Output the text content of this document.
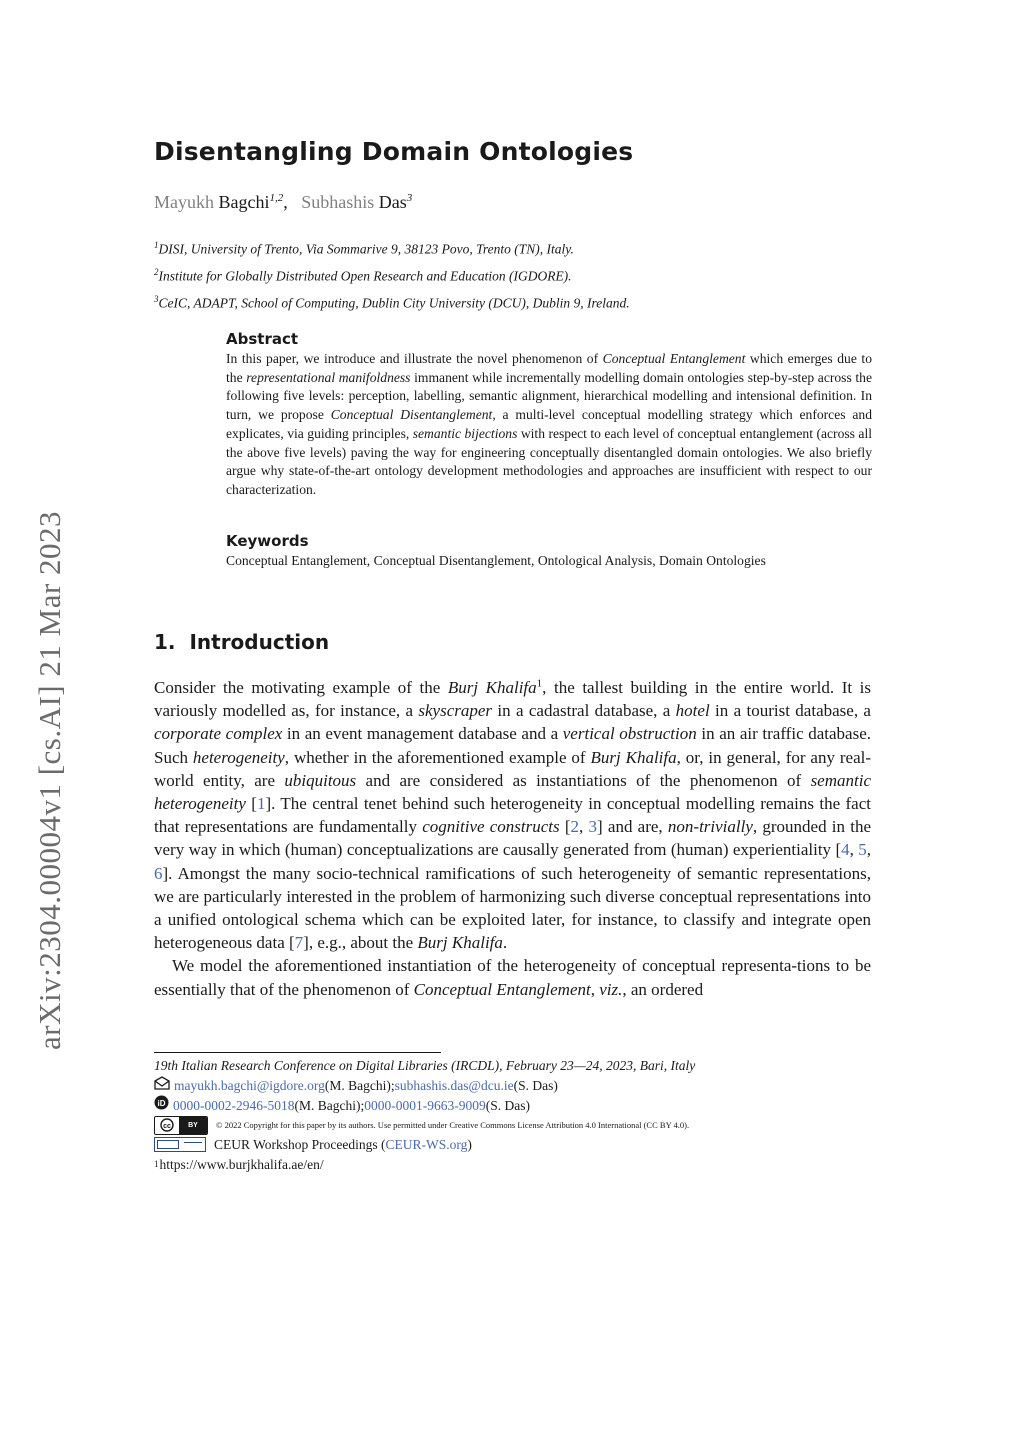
arXiv:2304.00004v1 [cs.AI] 21 Mar 2023
Disentangling Domain Ontologies
Mayukh Bagchi$^{1,2}$,   Subhashis Das$^3$
$^1$DISI, University of Trento, Via Sommarive 9, 38123 Povo, Trento (TN), Italy.
$^2$Institute for Globally Distributed Open Research and Education (IGDORE).
$^3$CeIC, ADAPT, School of Computing, Dublin City University (DCU), Dublin 9, Ireland.
Abstract

In this paper, we introduce and illustrate the novel phenomenon of Conceptual Entanglement which emerges due to the representational manifoldness immanent while incrementally modelling domain ontologies step-by-step across the following five levels: perception, labelling, semantic alignment, hierarchical modelling and intensional definition. In turn, we propose Conceptual Disentanglement, a multi-level conceptual modelling strategy which enforces and explicates, via guiding principles, semantic bijections with respect to each level of conceptual entanglement (across all the above five levels) paving the way for engineering conceptually disentangled domain ontologies. We also briefly argue why state-of-the-art ontology development methodologies and approaches are insufficient with respect to our characterization.

Keywords

Conceptual Entanglement, Conceptual Disentanglement, Ontological Analysis, Domain Ontologies

1. Introduction

Consider the motivating example of the Burj Khalifa$^1$, the tallest building in the entire world. It is variously modelled as, for instance, a skyscraper in a cadastral database, a hotel in a tourist database, a corporate complex in an event management database and a vertical obstruction in an air traffic database. Such heterogeneity, whether in the aforementioned example of Burj Khalifa, or, in general, for any real-world entity, are ubiquitous and are considered as instantiations of the phenomenon of semantic heterogeneity [1]. The central tenet behind such heterogeneity in conceptual modelling remains the fact that representations are fundamentally cognitive constructs [2, 3] and are, non-trivially, grounded in the very way in which (human) conceptualizations are causally generated from (human) experientiality [4, 5, 6]. Amongst the many socio-technical ramifications of such heterogeneity of semantic representations, we are particularly interested in the problem of harmonizing such diverse conceptual representations into a unified ontological schema which can be exploited later, for instance, to classify and integrate open heterogeneous data [7], e.g., about the Burj Khalifa.

We model the aforementioned instantiation of the heterogeneity of conceptual representa-tions to be essentially that of the phenomenon of Conceptual Entanglement, viz., an ordered

19th Italian Research Conference on Digital Libraries (IRCDL), February 23—24, 2023, Bari, Italy
mayukh.bagchi@igdore.org (M. Bagchi); subhashis.das@dcu.ie (S. Das)
iD 0000-0002-2946-5018 (M. Bagchi); 0000-0001-9663-9009 (S. Das)
cc BY © 2022 Copyright for this paper by its authors. Use permitted under Creative Commons License Attribution 4.0 International (CC BY 4.0).
CEUR Workshop Proceedings ( CEUR-WS.org )
1 https://www.burjkhalifa.ae/en/
